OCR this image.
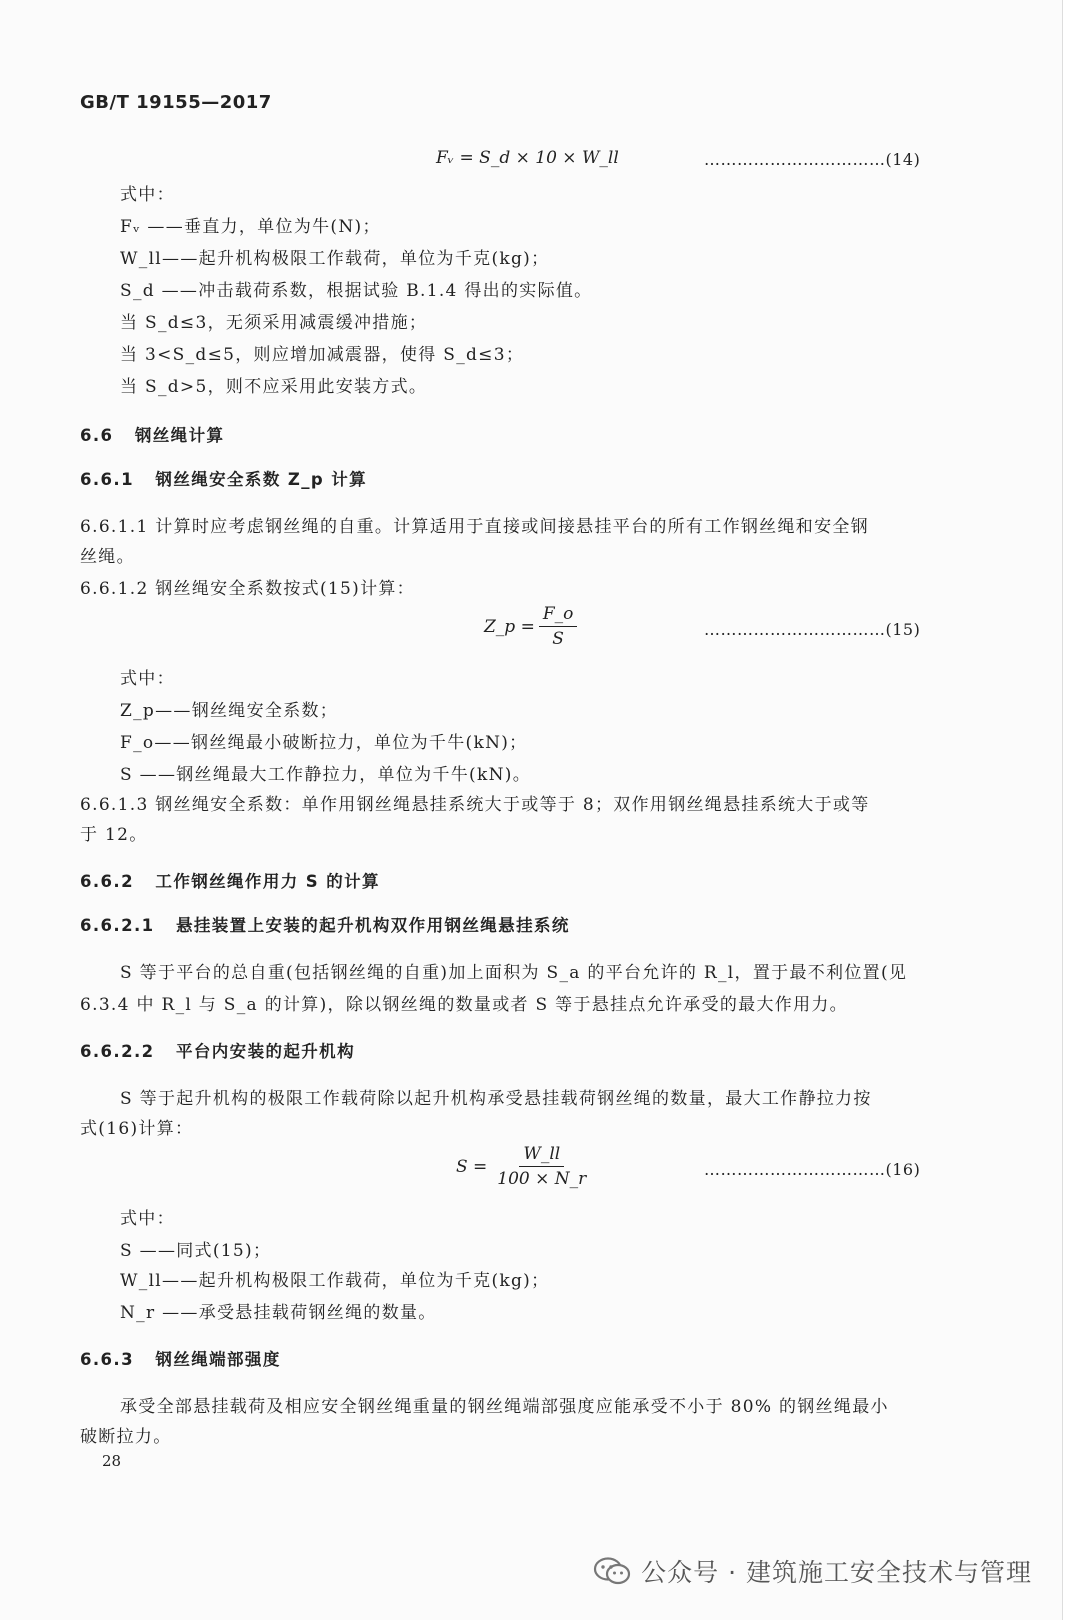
GB/T 19155—2017
Fᵥ = S_d × 10 × W_ll	……………………………(14)
式中：
Fᵥ ——垂直力，单位为牛(N)；
W_ll——起升机构极限工作载荷，单位为千克(kg)；
S_d ——冲击载荷系数，根据试验 B.1.4 得出的实际值。
当 S_d≤3，无须采用减震缓冲措施；
当 3<S_d≤5，则应增加减震器，使得 S_d≤3；
当 S_d>5，则不应采用此安装方式。
6.6 钢丝绳计算
6.6.1 钢丝绳安全系数 Z_p 计算
6.6.1.1 计算时应考虑钢丝绳的自重。计算适用于直接或间接悬挂平台的所有工作钢丝绳和安全钢
丝绳。
6.6.1.2 钢丝绳安全系数按式(15)计算：
Z_p = $\frac{F\_o}{S}$	……………………………(15)
式中：
Z_p——钢丝绳安全系数；
F_o——钢丝绳最小破断拉力，单位为千牛(kN)；
S ——钢丝绳最大工作静拉力，单位为千牛(kN)。
6.6.1.3 钢丝绳安全系数：单作用钢丝绳悬挂系统大于或等于 8；双作用钢丝绳悬挂系统大于或等
于 12。
6.6.2 工作钢丝绳作用力 S 的计算
6.6.2.1 悬挂装置上安装的起升机构双作用钢丝绳悬挂系统
S 等于平台的总自重(包括钢丝绳的自重)加上面积为 S_a 的平台允许的 R_l，置于最不利位置(见
6.3.4 中 R_l 与 S_a 的计算)，除以钢丝绳的数量或者 S 等于悬挂点允许承受的最大作用力。
6.6.2.2 平台内安装的起升机构
S 等于起升机构的极限工作载荷除以起升机构承受悬挂载荷钢丝绳的数量，最大工作静拉力按
式(16)计算：
$S = \frac{W\_ll}{100 \times N\_r}$	……………………………(16)
式中：
S ——同式(15)；
W_ll——起升机构极限工作载荷，单位为千克(kg)；
N_r ——承受悬挂载荷钢丝绳的数量。
6.6.3 钢丝绳端部强度
承受全部悬挂载荷及相应安全钢丝绳重量的钢丝绳端部强度应能承受不小于 80% 的钢丝绳最小
破断拉力。
28
公众号 · 建筑施工安全技术与管理
